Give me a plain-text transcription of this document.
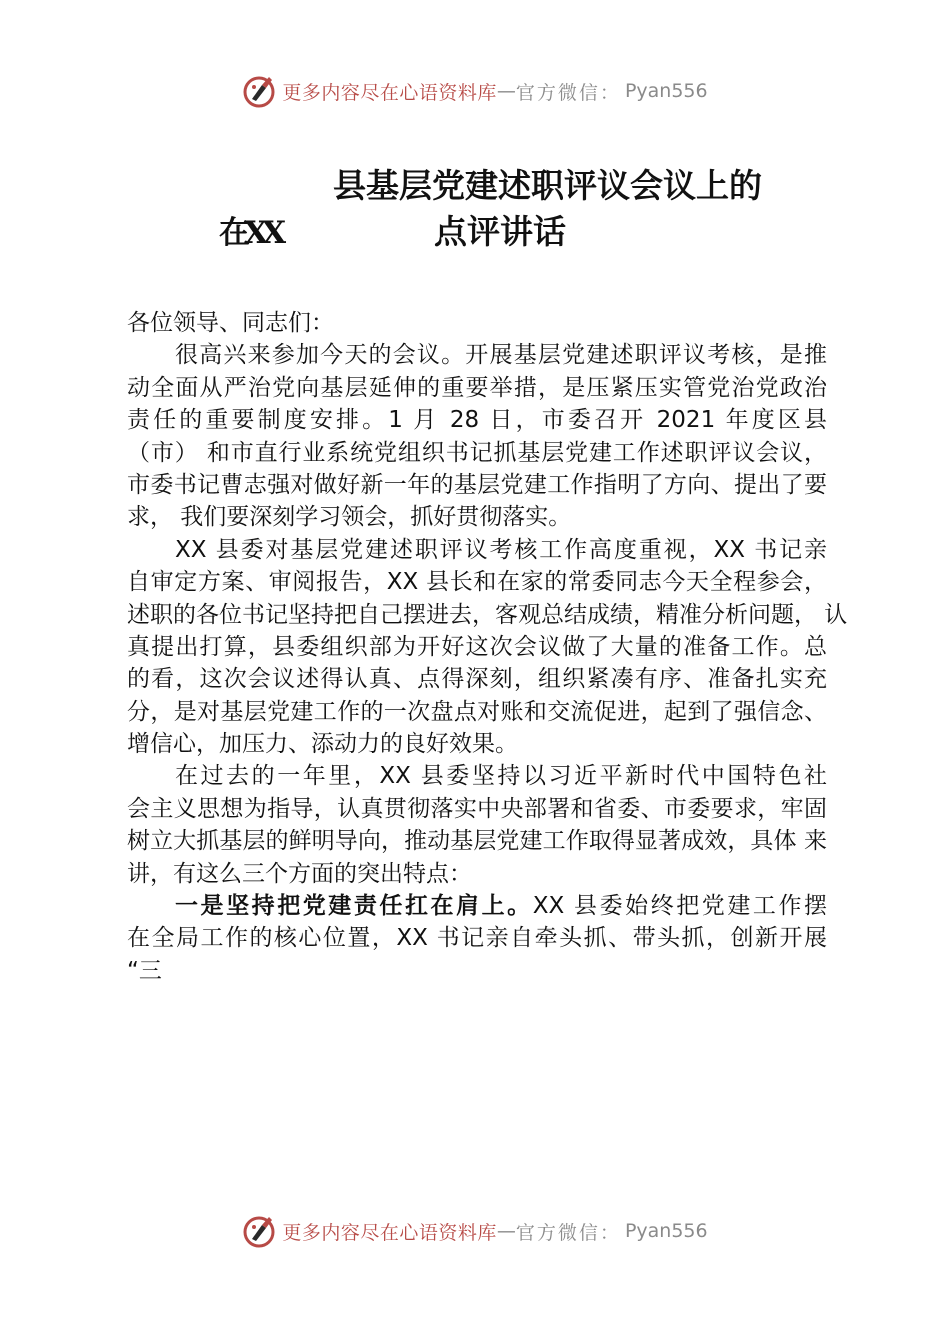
更多内容尽在心语资料库 — 官方微信： Pyan556
县基层党建述职评议会议上的
在XX	点评讲话
各位领导、同志们：
很高兴来参加今天的会议。开展基层党建述职评议考核，是推
动全面从严治党向基层延伸的重要举措，是压紧压实管党治党政治
责任的重要制度安排。1 月 28 日，市委召开 2021 年度区县
（市） 和市直行业系统党组织书记抓基层党建工作述职评议会议，
市委书记曹志强对做好新一年的基层党建工作指明了方向、提出了要
求， 我们要深刻学习领会，抓好贯彻落实。
XX 县委对基层党建述职评议考核工作高度重视，XX 书记亲
自审定方案、审阅报告，XX 县长和在家的常委同志今天全程参会，
述职的各位书记坚持把自己摆进去，客观总结成绩，精准分析问题， 认
真提出打算，县委组织部为开好这次会议做了大量的准备工作。总
的看，这次会议述得认真、点得深刻，组织紧凑有序、准备扎实充
分，是对基层党建工作的一次盘点对账和交流促进，起到了强信念、
增信心，加压力、添动力的良好效果。
在过去的一年里，XX 县委坚持以习近平新时代中国特色社
会主义思想为指导，认真贯彻落实中央部署和省委、市委要求，牢固
树立大抓基层的鲜明导向，推动基层党建工作取得显著成效，具体 来
讲，有这么三个方面的突出特点：
一是坚持把党建责任扛在肩上。XX 县委始终把党建工作摆
在全局工作的核心位置，XX 书记亲自牵头抓、带头抓，创新开展
“三
更多内容尽在心语资料库 — 官方微信： Pyan556
